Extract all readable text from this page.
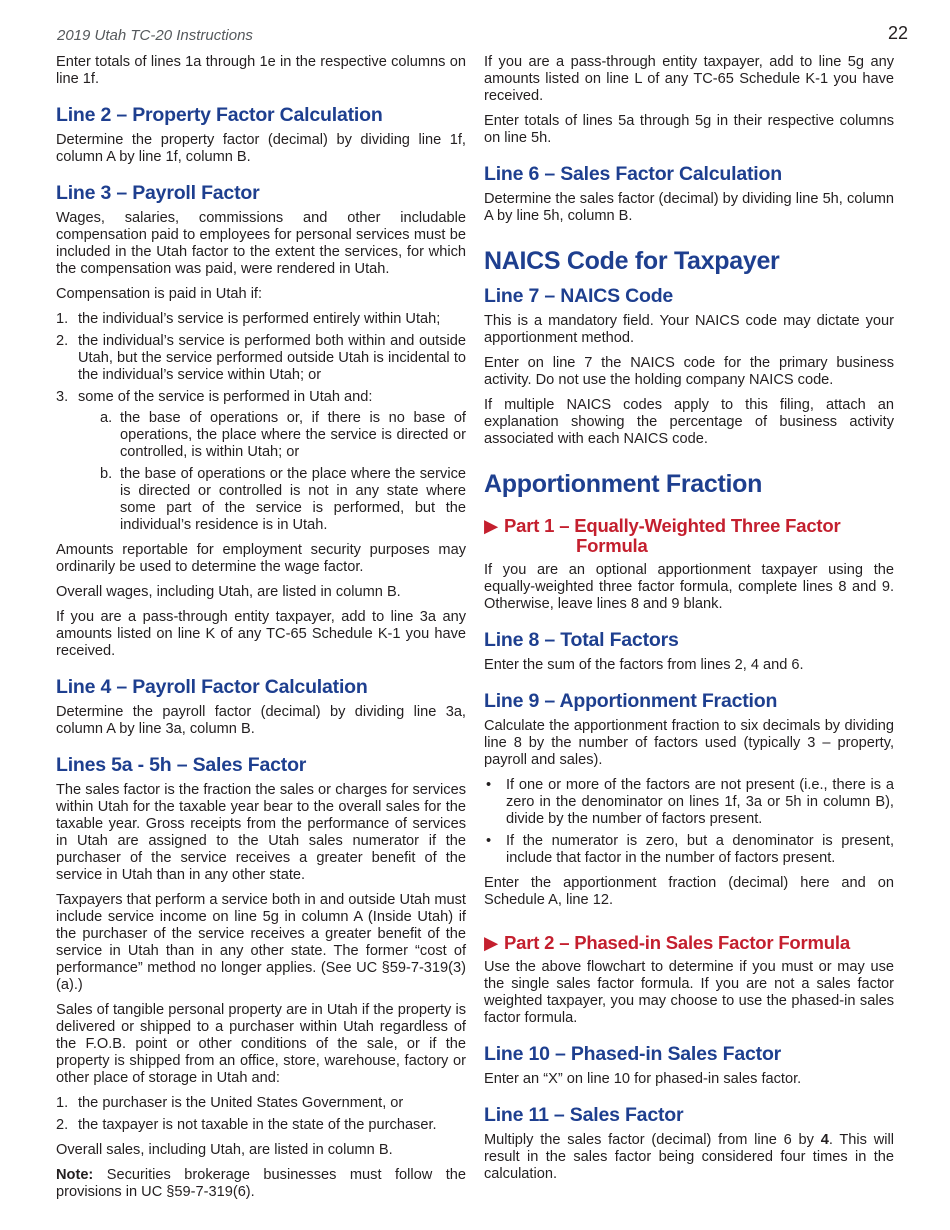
2019 Utah TC-20 Instructions	22

Enter totals of lines 1a through 1e in the respective columns on line 1f.

Line 2 – Property Factor Calculation

Determine the property factor (decimal) by dividing line 1f, column A by line 1f, column B.

Line 3 – Payroll Factor

Wages, salaries, commissions and other includable compensation paid to employees for personal services must be included in the Utah factor to the extent the services, for which the compensation was paid, were rendered in Utah.

Compensation is paid in Utah if:

1. the individual’s service is performed entirely within Utah;
2. the individual’s service is performed both within and outside Utah, but the service performed outside Utah is incidental to the individual’s service within Utah; or
3. some of the service is performed in Utah and:
a. the base of operations or, if there is no base of operations, the place where the service is directed or controlled, is within Utah; or
b. the base of operations or the place where the service is directed or controlled is not in any state where some part of the service is performed, but the individual’s residence is in Utah.

Amounts reportable for employment security purposes may ordinarily be used to determine the wage factor.

Overall wages, including Utah, are listed in column B.

If you are a pass-through entity taxpayer, add to line 3a any amounts listed on line K of any TC-65 Schedule K-1 you have received.

Line 4 – Payroll Factor Calculation

Determine the payroll factor (decimal) by dividing line 3a, column A by line 3a, column B.

Lines 5a - 5h – Sales Factor

The sales factor is the fraction the sales or charges for services within Utah for the taxable year bear to the overall sales for the taxable year. Gross receipts from the performance of services in Utah are assigned to the Utah sales numerator if the purchaser of the service receives a greater benefit of the service in Utah than in any other state.

Taxpayers that perform a service both in and outside Utah must include service income on line 5g in column A (Inside Utah) if the purchaser of the service receives a greater benefit of the service in Utah than in any other state. The former “cost of performance” method no longer applies. (See UC §59-7-319(3)(a).)

Sales of tangible personal property are in Utah if the property is delivered or shipped to a purchaser within Utah regardless of the F.O.B. point or other conditions of the sale, or if the property is shipped from an office, store, warehouse, factory or other place of storage in Utah and:

1. the purchaser is the United States Government, or
2. the taxpayer is not taxable in the state of the purchaser.

Overall sales, including Utah, are listed in column B.

Note: Securities brokerage businesses must follow the provisions in UC §59-7-319(6).

If you are a pass-through entity taxpayer, add to line 5g any amounts listed on line L of any TC-65 Schedule K-1 you have received.

Enter totals of lines 5a through 5g in their respective columns on line 5h.

Line 6 – Sales Factor Calculation

Determine the sales factor (decimal) by dividing line 5h, column A by line 5h, column B.

NAICS Code for Taxpayer
Line 7 – NAICS Code

This is a mandatory field. Your NAICS code may dictate your apportionment method.

Enter on line 7 the NAICS code for the primary business activity. Do not use the holding company NAICS code.

If multiple NAICS codes apply to this filing, attach an explanation showing the percentage of business activity associated with each NAICS code.

Apportionment Fraction
▶ Part 1 – Equally-Weighted Three Factor
Formula

If you are an optional apportionment taxpayer using the equally-weighted three factor formula, complete lines 8 and 9. Otherwise, leave lines 8 and 9 blank.

Line 8 – Total Factors

Enter the sum of the factors from lines 2, 4 and 6.

Line 9 – Apportionment Fraction

Calculate the apportionment fraction to six decimals by dividing line 8 by the number of factors used (typically 3 – property, payroll and sales).

• If one or more of the factors are not present (i.e., there is a zero in the denominator on lines 1f, 3a or 5h in column B), divide by the number of factors present.
• If the numerator is zero, but a denominator is present, include that factor in the number of factors present.

Enter the apportionment fraction (decimal) here and on Schedule A, line 12.

▶ Part 2 – Phased-in Sales Factor Formula

Use the above flowchart to determine if you must or may use the single sales factor formula. If you are not a sales factor weighted taxpayer, you may choose to use the phased-in sales factor formula.

Line 10 – Phased-in Sales Factor

Enter an “X” on line 10 for phased-in sales factor.

Line 11 – Sales Factor

Multiply the sales factor (decimal) from line 6 by 4. This will result in the sales factor being considered four times in the calculation.
